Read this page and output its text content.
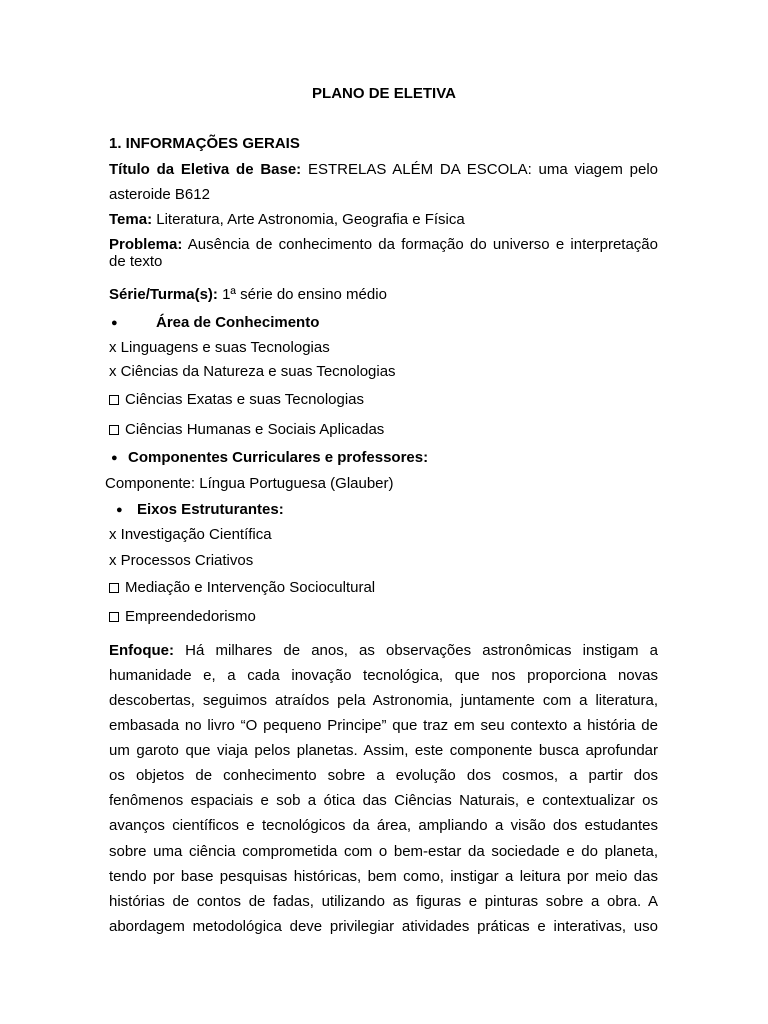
PLANO DE ELETIVA
1. INFORMAÇÕES GERAIS
Título da Eletiva de Base: ESTRELAS ALÉM DA ESCOLA: uma viagem pelo
asteroide B612
Tema: Literatura, Arte Astronomia, Geografia e Física
Problema: Ausência de conhecimento da formação do universo e interpretação
de texto
Série/Turma(s): 1ª série do ensino médio
●	Área de Conhecimento
x Linguagens e suas Tecnologias
x Ciências da Natureza e suas Tecnologias
Ciências Exatas e suas Tecnologias
Ciências Humanas e Sociais Aplicadas
● Componentes Curriculares e professores:
Componente: Língua Portuguesa (Glauber)
● Eixos Estruturantes:
x Investigação Científica
x Processos Criativos
Mediação e Intervenção Sociocultural
Empreendedorismo
Enfoque: Há milhares de anos, as observações astronômicas instigam a
humanidade e, a cada inovação tecnológica, que nos proporciona novas
descobertas, seguimos atraídos pela Astronomia, juntamente com a literatura,
embasada no livro “O pequeno Principe” que traz em seu contexto a história de
um garoto que viaja pelos planetas. Assim, este componente busca aprofundar
os objetos de conhecimento sobre a evolução dos cosmos, a partir dos
fenômenos espaciais e sob a ótica das Ciências Naturais, e contextualizar os
avanços científicos e tecnológicos da área, ampliando a visão dos estudantes
sobre uma ciência comprometida com o bem-estar da sociedade e do planeta,
tendo por base pesquisas históricas, bem como, instigar a leitura por meio das
histórias de contos de fadas, utilizando as figuras e pinturas sobre a obra. A
abordagem metodológica deve privilegiar atividades práticas e interativas, uso
